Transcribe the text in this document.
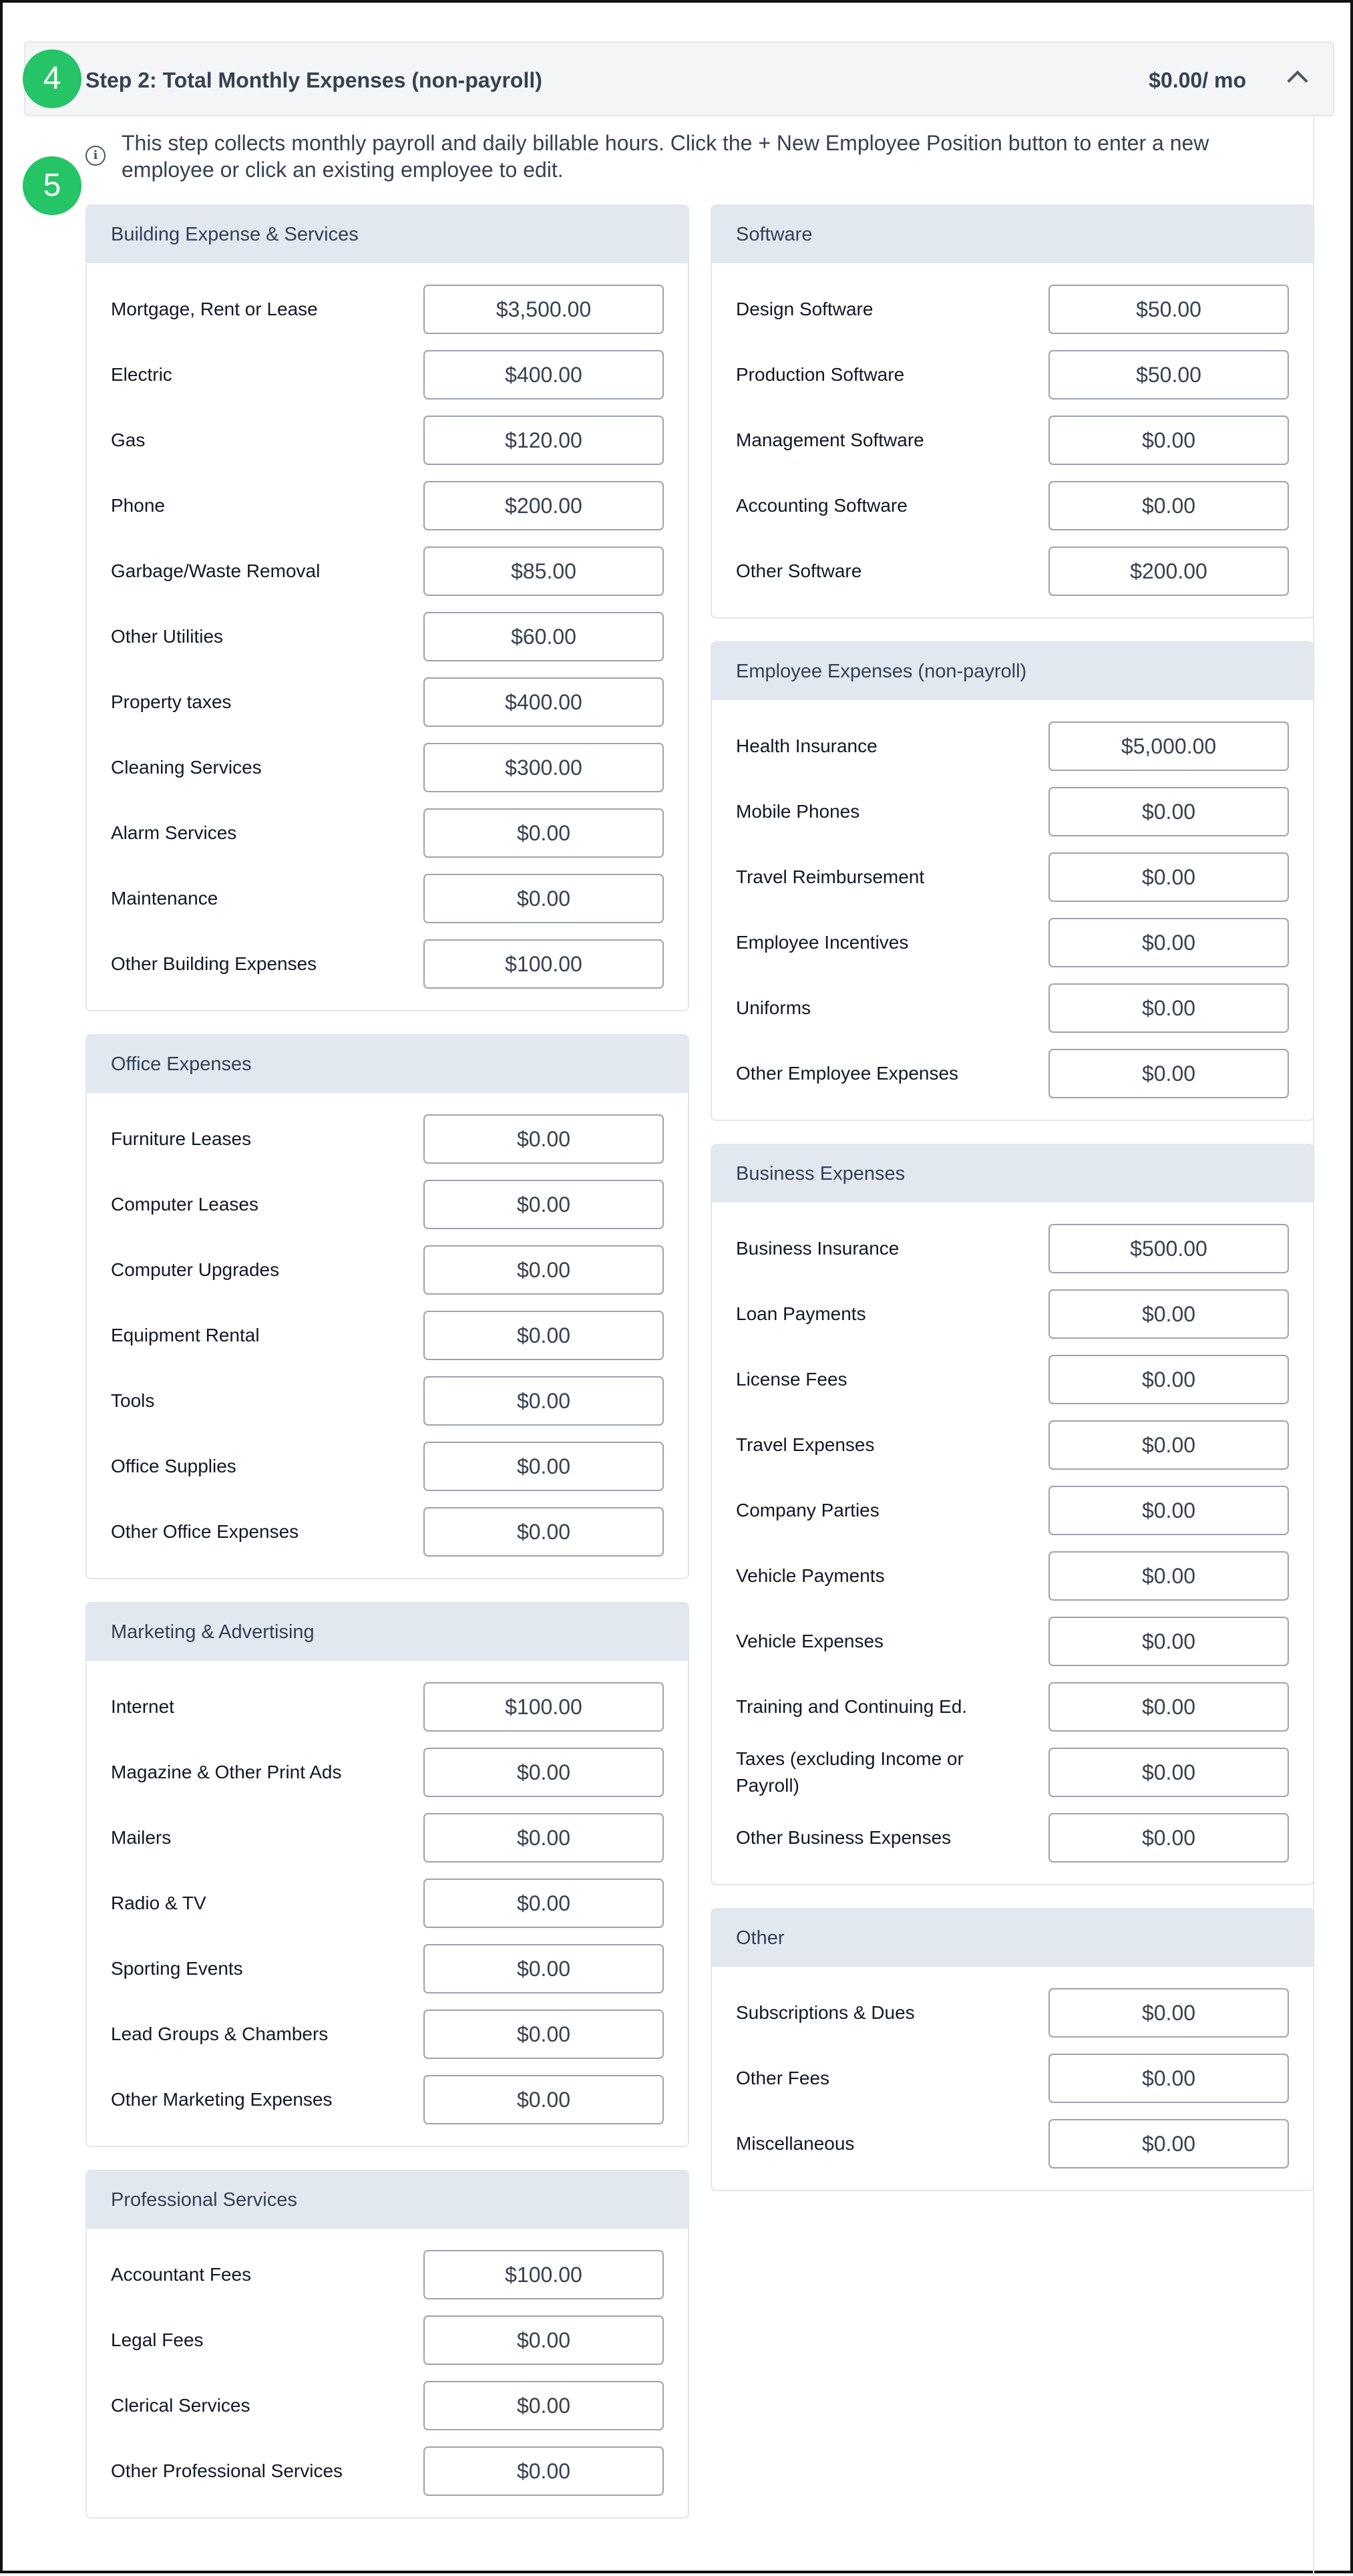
Step 2: Total Monthly Expenses (non-payroll)	$0.00/ mo
4
5
i
This step collects monthly payroll and daily billable hours. Click the + New Employee Position button to enter a new employee or click an existing employee to edit.
Building Expense & Services
Mortgage, Rent or Lease
$3,500.00
Electric
$400.00
Gas
$120.00
Phone
$200.00
Garbage/Waste Removal
$85.00
Other Utilities
$60.00
Property taxes
$400.00
Cleaning Services
$300.00
Alarm Services
$0.00
Maintenance
$0.00
Other Building Expenses
$100.00
Office Expenses
Furniture Leases
$0.00
Computer Leases
$0.00
Computer Upgrades
$0.00
Equipment Rental
$0.00
Tools
$0.00
Office Supplies
$0.00
Other Office Expenses
$0.00
Marketing & Advertising
Internet
$100.00
Magazine & Other Print Ads
$0.00
Mailers
$0.00
Radio & TV
$0.00
Sporting Events
$0.00
Lead Groups & Chambers
$0.00
Other Marketing Expenses
$0.00
Professional Services
Accountant Fees
$100.00
Legal Fees
$0.00
Clerical Services
$0.00
Other Professional Services
$0.00
Software
Design Software
$50.00
Production Software
$50.00
Management Software
$0.00
Accounting Software
$0.00
Other Software
$200.00
Employee Expenses (non-payroll)
Health Insurance
$5,000.00
Mobile Phones
$0.00
Travel Reimbursement
$0.00
Employee Incentives
$0.00
Uniforms
$0.00
Other Employee Expenses
$0.00
Business Expenses
Business Insurance
$500.00
Loan Payments
$0.00
License Fees
$0.00
Travel Expenses
$0.00
Company Parties
$0.00
Vehicle Payments
$0.00
Vehicle Expenses
$0.00
Training and Continuing Ed.
$0.00
Taxes (excluding Income or Payroll)
$0.00
Other Business Expenses
$0.00
Other
Subscriptions & Dues
$0.00
Other Fees
$0.00
Miscellaneous
$0.00
